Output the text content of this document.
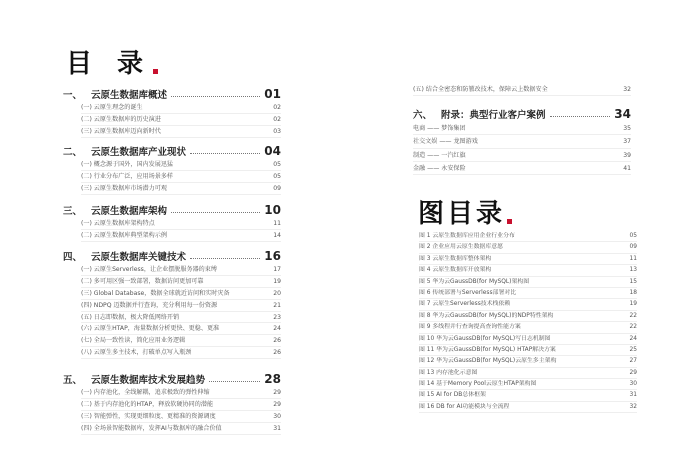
目 录
一、 云原生数据库概述	01
(一) 云原生理念的诞生	02
(二) 云原生数据库的历史演进	02
(三) 云原生数据库迈向新时代	03
二、 云原生数据库产业现状	04
(一) 概念源于国外，国内发展迅猛	05
(二) 行业分布广泛，应用场景多样	05
(三) 云原生数据库市场潜力可观	09
三、 云原生数据库架构	10
(一) 云原生数据库架构特点	11
(二) 云原生数据库典型架构示例	14
四、 云原生数据库关键技术	16
(一) 云原生Serverless，让企业摆脱服务器的束缚	17
(二) 多可用区强一致部署，数据访问更加可靠	19
(三) Global Database，数据全球就近访问和实时灾备	20
(四) NDPQ 迈数据并行查询，充分利用每一份资源	21
(五) 日志即数据，极大降低网络开销	23
(六) 云原生HTAP，海量数据分析更快、更稳、更准	24
(七) 全局一致性读，简化应用业务逻辑	26
(八) 云原生多主技术，打破单点写入瓶颈	26
五、 云原生数据库技术发展趋势	28
(一) 内存池化，全线解耦，追求极致的弹性伸缩	29
(二) 基于内存池化的HTAP，释放软硬协同的潜能	29
(三) 智能弹性，实现更细粒度、更精准的资源调度	30
(四) 全场景智能数据库，发挥AI与数据库的融合价值	31
(五) 结合全密态和防篡改技术，保障云上数据安全	32
六、 附录：典型行业客户案例	34
电商 —— 梦饰集团	35
社交文娱 —— 龙图游戏	37
制造 —— 一汽红旗	39
金融 —— 永安保险	41
图目录
图 1 云原生数据库应用企业行业分布	05
图 2 企业应用云原生数据库意愿	09
图 3 云原生数据库整体架构	11
图 4 云原生数据库开放架构	13
图 5 华为云GaussDB(for MySQL)架构图	15
图 6 传统部署与Serverless部署对比	18
图 7 云原生Serverless技术栈依赖	19
图 8 华为云GaussDB(for MySQL)的NDP特性架构	22
图 9 多线程并行查询提高查询性能方案	22
图 10 华为云GaussDB(for MySQL)写日志机制图	24
图 11 华为云GaussDB(for MySQL) HTAP解决方案	25
图 12 华为云GaussDB(for MySQL)云原生多主架构	27
图 13 内存池化示意图	29
图 14 基于Memory Pool云原生HTAP架构图	30
图 15 AI for DB总体框架	31
图 16 DB for AI功能模块与全流程	32
